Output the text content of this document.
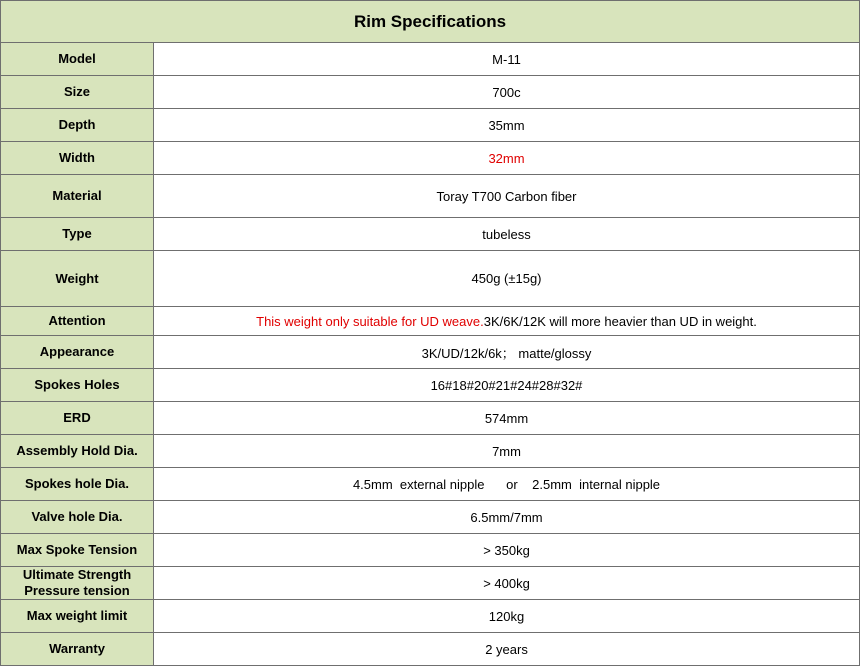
Rim Specifications	
Model	M-11
Size	700c
Depth	35mm
Width	32mm
Material	Toray T700 Carbon fiber
Type	tubeless
Weight	450g (±15g)
Attention	This weight only suitable for UD weave.3K/6K/12K will more heavier than UD in weight.
Appearance	3K/UD/12k/6k； matte/glossy
Spokes Holes	16#18#20#21#24#28#32#
ERD	574mm
Assembly Hold Dia.	7mm
Spokes hole Dia.	4.5mm  external nipple      or    2.5mm  internal nipple
Valve hole Dia.	6.5mm/7mm
Max Spoke Tension	> 350kg
Ultimate Strength
Pressure tension	> 400kg
Max weight limit	120kg
Warranty	2 years
